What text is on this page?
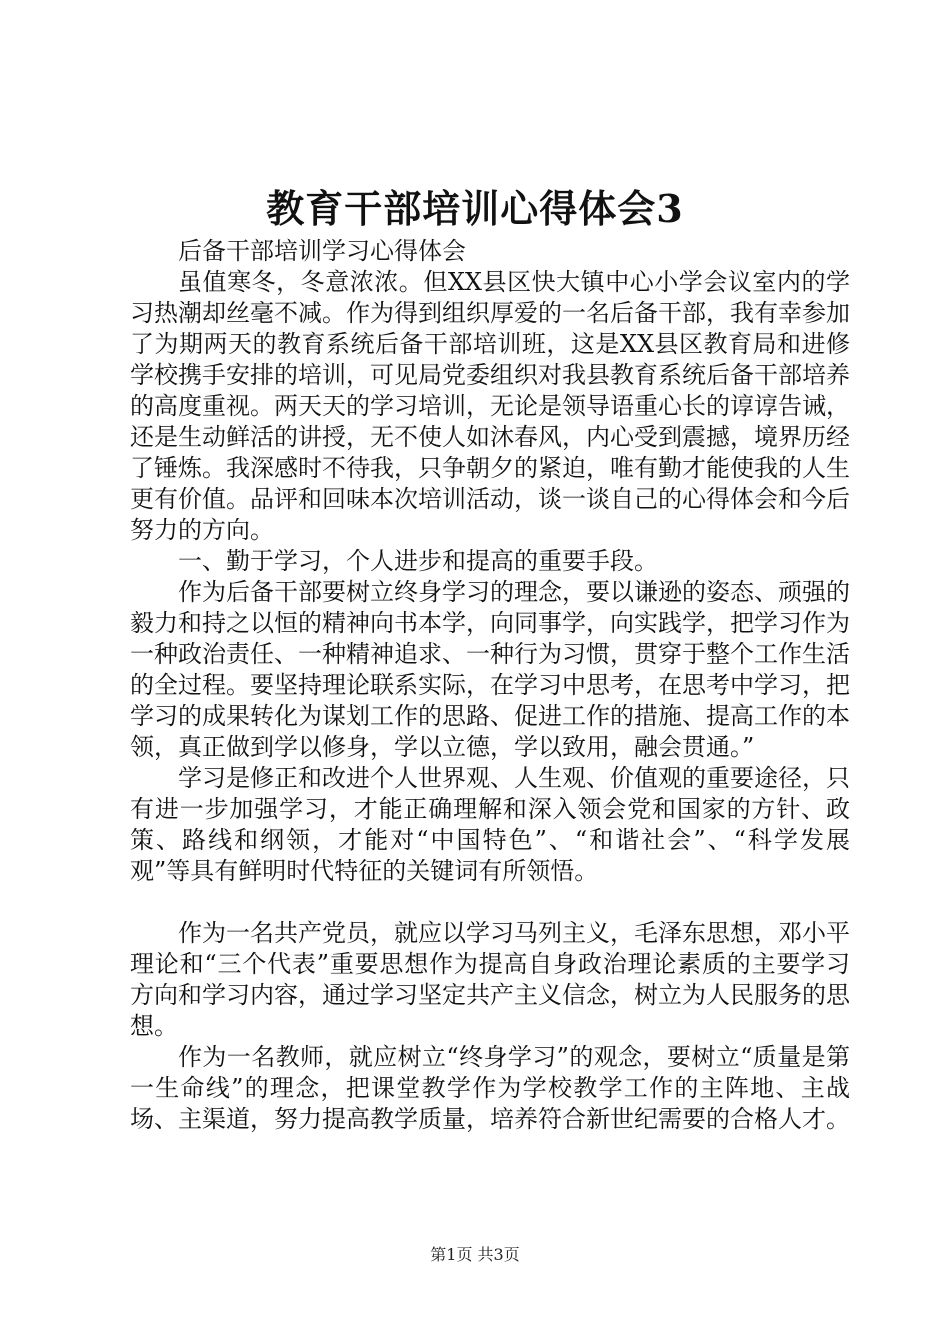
教育干部培训心得体会3

后备干部培训学习心得体会

虽值寒冬，冬意浓浓。但XX县区快大镇中心小学会议室内的学习热潮却丝毫不减。作为得到组织厚爱的一名后备干部，我有幸参加了为期两天的教育系统后备干部培训班，这是XX县区教育局和进修学校携手安排的培训，可见局党委组织对我县教育系统后备干部培养的高度重视。两天天的学习培训，无论是领导语重心长的谆谆告诫，还是生动鲜活的讲授，无不使人如沐春风，内心受到震撼，境界历经了锤炼。我深感时不待我，只争朝夕的紧迫，唯有勤才能使我的人生更有价值。品评和回味本次培训活动，谈一谈自己的心得体会和今后努力的方向。

一、勤于学习，个人进步和提高的重要手段。

作为后备干部要树立终身学习的理念，要以谦逊的姿态、顽强的毅力和持之以恒的精神向书本学，向同事学，向实践学，把学习作为一种政治责任、一种精神追求、一种行为习惯，贯穿于整个工作生活的全过程。要坚持理论联系实际，在学习中思考，在思考中学习，把学习的成果转化为谋划工作的思路、促进工作的措施、提高工作的本领，真正做到学以修身，学以立德，学以致用，融会贯通。”

学习是修正和改进个人世界观、人生观、价值观的重要途径，只有进一步加强学习，才能正确理解和深入领会党和国家的方针、政策、路线和纲领，才能对“中国特色”、“和谐社会”、“科学发展观”等具有鲜明时代特征的关键词有所领悟。

作为一名共产党员，就应以学习马列主义，毛泽东思想，邓小平理论和“三个代表”重要思想作为提高自身政治理论素质的主要学习方向和学习内容，通过学习坚定共产主义信念，树立为人民服务的思想。

作为一名教师，就应树立“终身学习”的观念，要树立“质量是第一生命线”的理念，把课堂教学作为学校教学工作的主阵地、主战场、主渠道，努力提高教学质量，培养符合新世纪需要的合格人才。

第1页 共3页
